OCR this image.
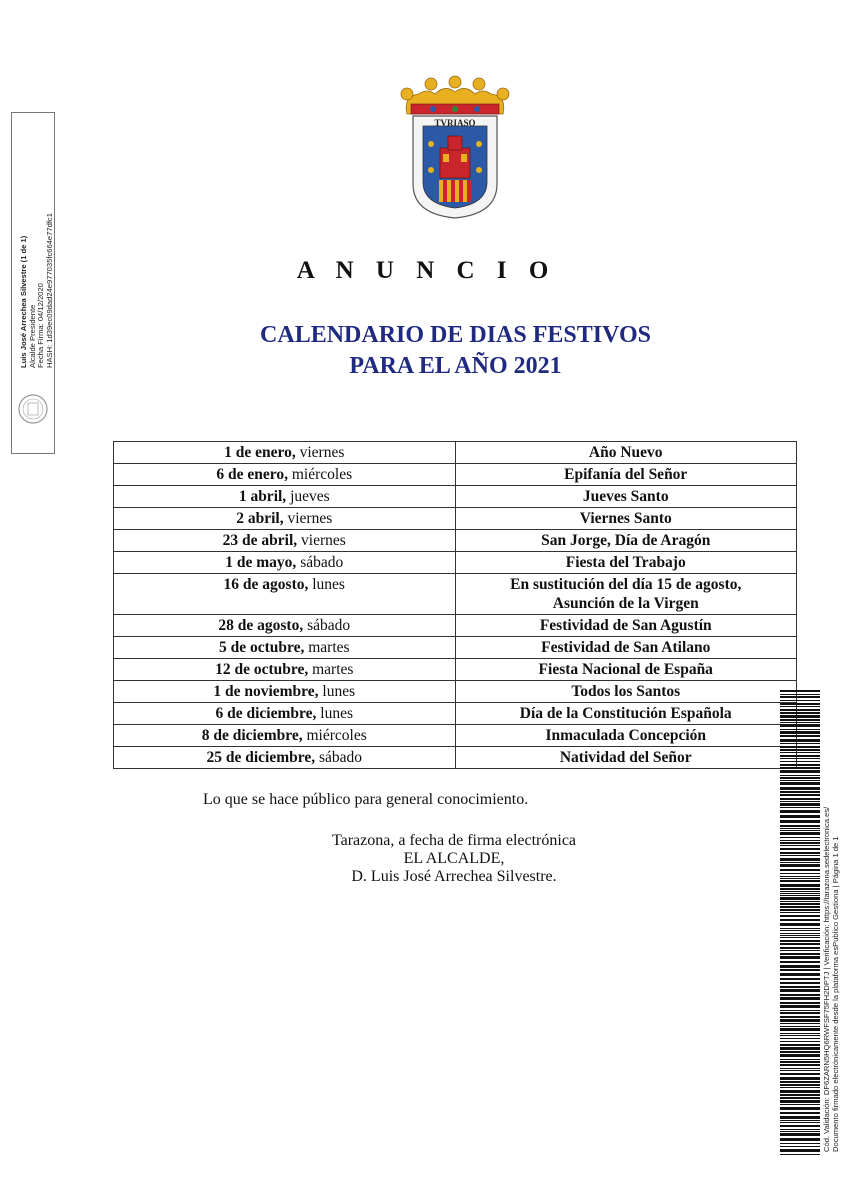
Luis José Arrechea Silvestre (1 de 1) Alcalde Presidente Fecha Firma: 04/12/2020 HASH: 1d39ec09dad24e977035fc664e77dfc1
TVRIASO
A N U N C I O
CALENDARIO DE DIAS FESTIVOS
PARA EL AÑO 2021
1 de enero, viernes	Año Nuevo
6 de enero, miércoles	Epifanía del Señor
1 abril, jueves	Jueves Santo
2 abril, viernes	Viernes Santo
23 de abril, viernes	San Jorge, Día de Aragón
1 de mayo, sábado	Fiesta del Trabajo
16 de agosto, lunes	En sustitución del día 15 de agosto,
Asunción de la Virgen

28 de agosto, sábado	Festividad de San Agustín
5 de octubre, martes	Festividad de San Atilano
12 de octubre, martes	Fiesta Nacional de España
1 de noviembre, lunes	Todos los Santos
6 de diciembre, lunes	Día de la Constitución Española
8 de diciembre, miércoles	Inmaculada Concepción
25 de diciembre, sábado	Natividad del Señor
Lo que se hace público para general conocimiento.
Tarazona, a fecha de firma electrónica
EL ALCALDE,
D. Luis José Arrechea Silvestre.	Cód. Validación: DF6ZARN5HQ6RWFSF75FH2DPTJ | Verificación: https://tarazona.sedelectronica.es/ Documento firmado electrónicamente desde la plataforma esPublico Gestiona | Página 1 de 1
